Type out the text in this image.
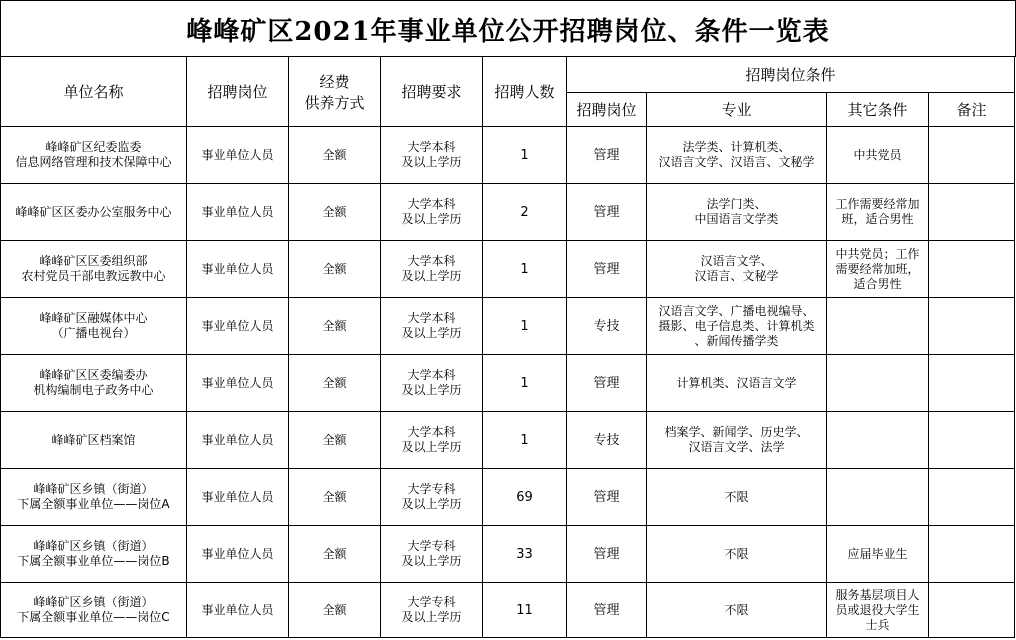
峰峰矿区2021年事业单位公开招聘岗位、条件一览表
单位名称	招聘岗位	经费
供养方式	招聘要求	招聘人数	招聘岗位条件			

					招聘岗位	专业	其它条件	备注

峰峰矿区纪委监委
信息网络管理和技术保障中心	事业单位人员	全额	大学本科
及以上学历	1	管理	法学类、计算机类、
汉语言文学、汉语言、文秘学	中共党员	

峰峰矿区区委办公室服务中心	事业单位人员	全额	大学本科
及以上学历	2	管理	法学门类、
中国语言文学类	工作需要经常加
班，适合男性	

峰峰矿区区委组织部
农村党员干部电教远教中心	事业单位人员	全额	大学本科
及以上学历	1	管理	汉语言文学、
汉语言、文秘学	中共党员；工作
需要经常加班，
适合男性	

峰峰矿区融媒体中心
（广播电视台）	事业单位人员	全额	大学本科
及以上学历	1	专技	汉语言文学、广播电视编导、
摄影、电子信息类、计算机类
、新闻传播学类		

峰峰矿区区委编委办
机构编制电子政务中心	事业单位人员	全额	大学本科
及以上学历	1	管理	计算机类、汉语言文学		

峰峰矿区档案馆	事业单位人员	全额	大学本科
及以上学历	1	专技	档案学、新闻学、历史学、
汉语言文学、法学		

峰峰矿区乡镇（街道）
下属全额事业单位——岗位A	事业单位人员	全额	大学专科
及以上学历	69	管理	不限		

峰峰矿区乡镇（街道）
下属全额事业单位——岗位B	事业单位人员	全额	大学专科
及以上学历	33	管理	不限	应届毕业生	

峰峰矿区乡镇（街道）
下属全额事业单位——岗位C	事业单位人员	全额	大学专科
及以上学历	11	管理	不限	服务基层项目人
员或退役大学生
士兵	
